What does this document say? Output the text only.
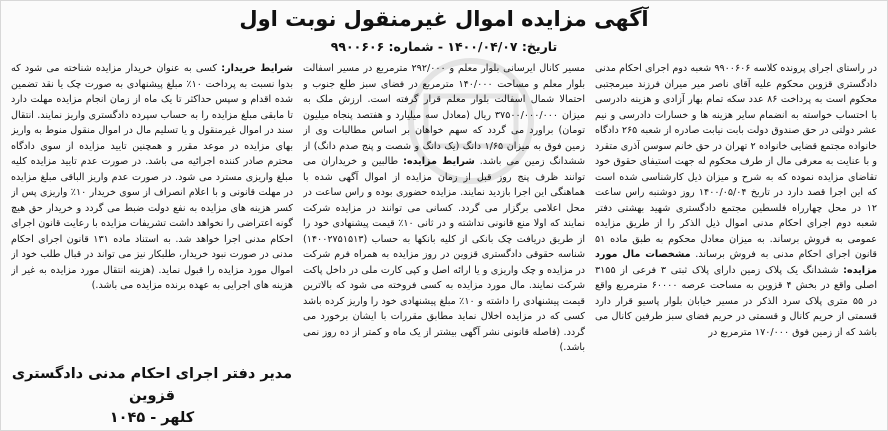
آگهی مزایده اموال غیرمنقول نوبت اول
تاریخ: ۱۴۰۰/۰۴/۰۷ - شماره: ۹۹۰۰۶۰۶

در راستای اجرای پرونده کلاسه ۹۹۰۰۶۰۶ شعبه دوم اجرای احکام مدنی دادگستری قزوین محکوم علیه آقای ناصر میر میران فرزند میرمجتبی محکوم است به پرداخت ۸۶ عدد سکه تمام بهار آزادی و هزینه دادرسی با احتساب خواسته به انضمام سایر هزینه ها و خسارات دادرسی و نیم عشر دولتی در حق صندوق دولت بابت نیابت صادره از شعبه ۲۶۵ دادگاه خانواده مجتمع قضایی خانواده ۲ تهران در حق خانم سوسن آذری متقرد و با عنایت به معرفی مال از طرف محکوم له جهت استیفای حقوق خود تقاضای مزایده نموده که به شرح و میزان ذیل کارشناسی شده است که این اجرا قصد دارد در تاریخ ۱۴۰۰/۰۵/۰۴ روز دوشنبه راس ساعت ۱۲ در محل چهارراه فلسطین مجتمع دادگستری شهید بهشتی دفتر شعبه دوم اجرای احکام مدنی اموال ذیل الذکر را از طریق مزایده عمومی به فروش برساند. به میزان معادل محکوم به طبق ماده ۵۱ قانون اجرای احکام مدنی به فروش برساند. مشخصات مال مورد مزایده: ششدانگ یک پلاک زمین دارای پلاک ثبتی ۳ فرعی از ۳۱۵۵ اصلی واقع در بخش ۴ قزوین به مساحت عرصه ۶۰۰۰۰ مترمربع واقع در ۵۵ متری پلاک سرد الذکر در مسیر خیابان بلوار پاسیو قرار دارد قسمتی از حریم کانال و قسمتی در حریم فضای سبز طرفین کانال می باشد که از زمین فوق ۱۷۰/۰۰۰ مترمربع در

مسیر کانال ایرسانی بلوار معلم و ۲۹۲/۰۰۰ مترمربع در مسیر اسفالت بلوار معلم و مساحت ۱۴۰/۰۰۰ مترمربع در فضای سبز طلع جنوب و احتمالا شمال اسفالت بلوار معلم قرار گرفته است. ارزش ملک به میزان ۳۷۵۰۰/۰۰۰/۰۰۰ ریال (معادل سه میلیارد و هفتصد پنجاه میلیون تومان) براورد می گردد که سهم خواهان بر اساس مطالبات وی از زمین فوق به میزان ۱/۶۵ دانگ (یک دانگ و شصت و پنج صدم دانگ) از ششدانگ زمین می باشد. شرایط مزایده: طالبین و خریداران می توانند ظرف پنج روز قبل از زمان مزایده از اموال آگهی شده با هماهنگی این اجرا بازدید نمایند. مزایده حضوری بوده و راس ساعت در محل اعلامی برگزار می گردد. کسانی می توانند در مزایده شرکت نمایند که اولا منع قانونی نداشته و در ثانی ۱۰٪ قیمت پیشنهادی خود را از طریق دریافت چک بانکی از کلیه بانکها به حساب (۱۴۰۰۲۷۵۱۵۱۳) شناسه حقوقی دادگستری قزوین در روز مزایده به همراه فرم شرکت در مزایده و چک واریزی و یا ارائه اصل و کپی کارت ملی در داخل پاکت شرکت نمایند. مال مورد مزایده به کسی فروخته می شود که بالاترین قیمت پیشنهادی را داشته و ۱۰٪ مبلغ پیشنهادی خود را واریز کرده باشد کسی که در مزایده اخلال نماید مطابق مقررات با ایشان برخورد می گردد. (فاصله قانونی نشر آگهی بیشتر از یک ماه و کمتر از ده روز نمی باشد.)

شرایط خریدار: کسی به عنوان خریدار مزایده شناخته می شود که بدوا نسبت به پرداخت ۱۰٪ مبلغ پیشنهادی به صورت چک یا نقد تضمین شده اقدام و سپس حداکثر تا یک ماه از زمان انجام مزایده مهلت دارد تا مابقی مبلغ مزایده را به حساب سپرده دادگستری واریز نمایند. انتقال سند در اموال غیرمنقول و یا تسلیم مال در اموال منقول منوط به واریز بهای مزایده در موعد مقرر و همچنین تایید مزایده از سوی دادگاه محترم صادر کننده اجرائیه می باشد. در صورت عدم تایید مزایده کلیه مبلغ واریزی مسترد می شود. در صورت عدم واریز الباقی مبلغ مزایده در مهلت قانونی و با اعلام انصراف از سوی خریدار ۱۰٪ واریزی پس از کسر هزینه های مزایده به نفع دولت ضبط می گردد و خریدار حق هیچ گونه اعتراضی را نخواهد داشت تشریفات مزایده با رعایت قانون اجرای احکام مدنی اجرا خواهد شد. به استناد ماده ۱۳۱ قانون اجرای احکام مدنی در صورت نبود خریدار، طلبکار نیز می تواند در قبال طلب خود از اموال مورد مزایده را قبول نماید. (هزینه انتقال مورد مزایده به غیر از هزینه های اجرایی به عهده برنده مزایده می باشد.)

مدیر دفتر اجرای احکام مدنی دادگستری قزوین
کلهر - ۱۰۴۵
